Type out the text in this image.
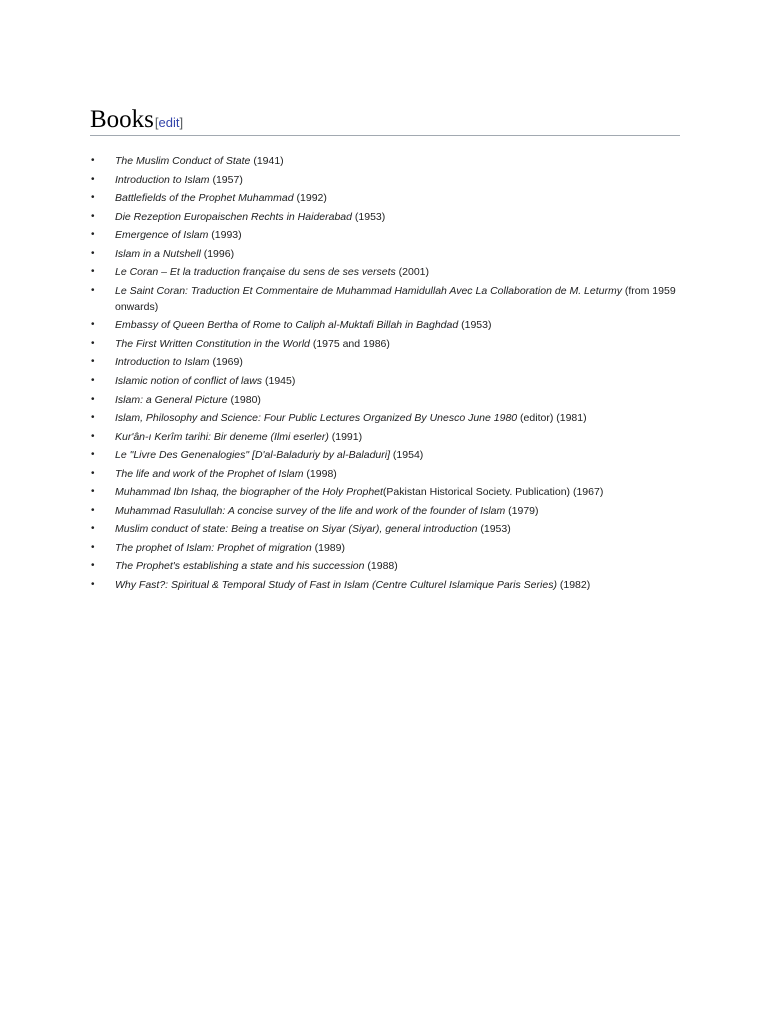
Books[edit]
• The Muslim Conduct of State (1941)
• Introduction to Islam (1957)
• Battlefields of the Prophet Muhammad (1992)
• Die Rezeption Europaischen Rechts in Haiderabad (1953)
• Emergence of Islam (1993)
• Islam in a Nutshell (1996)
• Le Coran – Et la traduction française du sens de ses versets (2001)
• Le Saint Coran: Traduction Et Commentaire de Muhammad Hamidullah Avec La Collaboration de M. Leturmy (from 1959 onwards)
• Embassy of Queen Bertha of Rome to Caliph al-Muktafi Billah in Baghdad (1953)
• The First Written Constitution in the World (1975 and 1986)
• Introduction to Islam (1969)
• Islamic notion of conflict of laws (1945)
• Islam: a General Picture (1980)
• Islam, Philosophy and Science: Four Public Lectures Organized By Unesco June 1980 (editor) (1981)
• Kur'ân-ı Kerîm tarihi: Bir deneme (Ilmi eserler) (1991)
• Le "Livre Des Genenalogies" [D'al-Baladuriy by al-Baladuri] (1954)
• The life and work of the Prophet of Islam (1998)
• Muhammad Ibn Ishaq, the biographer of the Holy Prophet(Pakistan Historical Society. Publication) (1967)
• Muhammad Rasulullah: A concise survey of the life and work of the founder of Islam (1979)
• Muslim conduct of state: Being a treatise on Siyar (Siyar), general introduction (1953)
• The prophet of Islam: Prophet of migration (1989)
• The Prophet's establishing a state and his succession (1988)
• Why Fast?: Spiritual & Temporal Study of Fast in Islam (Centre Culturel Islamique Paris Series) (1982)
